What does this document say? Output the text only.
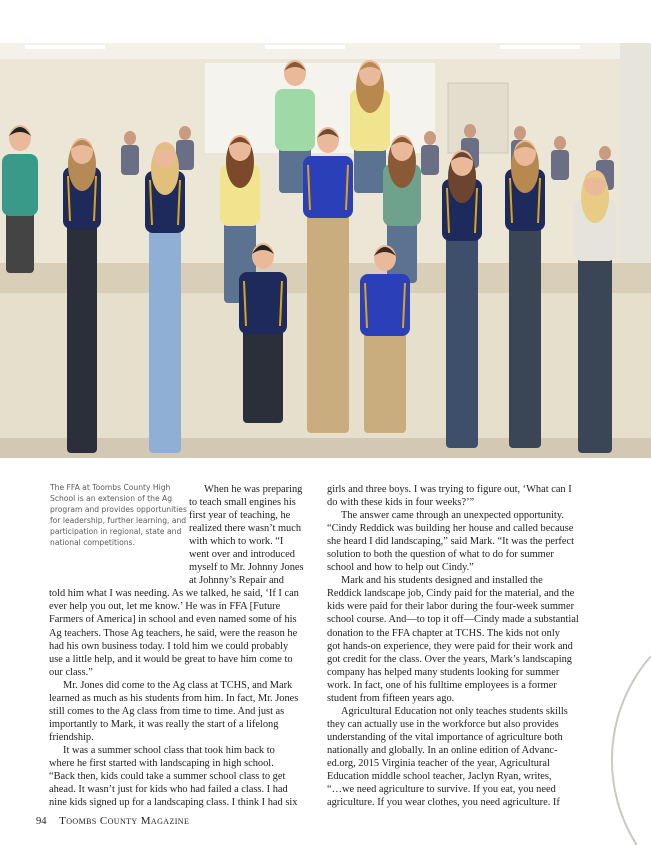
The FFA at Toombs County High School is an extension of the Ag program and provides opportunities for leadership, further learning, and participation in regional, state and national competitions.
When he was preparing
to teach small engines his
first year of teaching, he
realized there wasn’t much
with which to work. “I
went over and introduced
myself to Mr. Johnny Jones
at Johnny’s Repair and
told him what I was needing. As we talked, he said, ‘If I can
ever help you out, let me know.’ He was in FFA [Future
Farmers of America] in school and even named some of his
Ag teachers. Those Ag teachers, he said, were the reason he
had his own business today. I told him we could probably
use a little help, and it would be great to have him come to
our class.”
Mr. Jones did come to the Ag class at TCHS, and Mark
learned as much as his students from him. In fact, Mr. Jones
still comes to the Ag class from time to time. And just as
importantly to Mark, it was really the start of a lifelong
friendship.
It was a summer school class that took him back to
where he first started with landscaping in high school.
“Back then, kids could take a summer school class to get
ahead. It wasn’t just for kids who had failed a class. I had
nine kids signed up for a landscaping class. I think I had six
girls and three boys. I was trying to figure out, ‘What can I
do with these kids in four weeks?’”
The answer came through an unexpected opportunity.
“Cindy Reddick was building her house and called because
she heard I did landscaping,” said Mark. “It was the perfect
solution to both the question of what to do for summer
school and how to help out Cindy.”
Mark and his students designed and installed the
Reddick landscape job, Cindy paid for the material, and the
kids were paid for their labor during the four-week summer
school course. And—to top it off—Cindy made a substantial
donation to the FFA chapter at TCHS. The kids not only
got hands-on experience, they were paid for their work and
got credit for the class. Over the years, Mark’s landscaping
company has helped many students looking for summer
work. In fact, one of his fulltime employees is a former
student from fifteen years ago.
Agricultural Education not only teaches students skills
they can actually use in the workforce but also provides
understanding of the vital importance of agriculture both
nationally and globally. In an online edition of Advanc-
ed.org, 2015 Virginia teacher of the year, Agricultural
Education middle school teacher, Jaclyn Ryan, writes,
“…we need agriculture to survive. If you eat, you need
agriculture. If you wear clothes, you need agriculture. If
94 Toombs County Magazine
